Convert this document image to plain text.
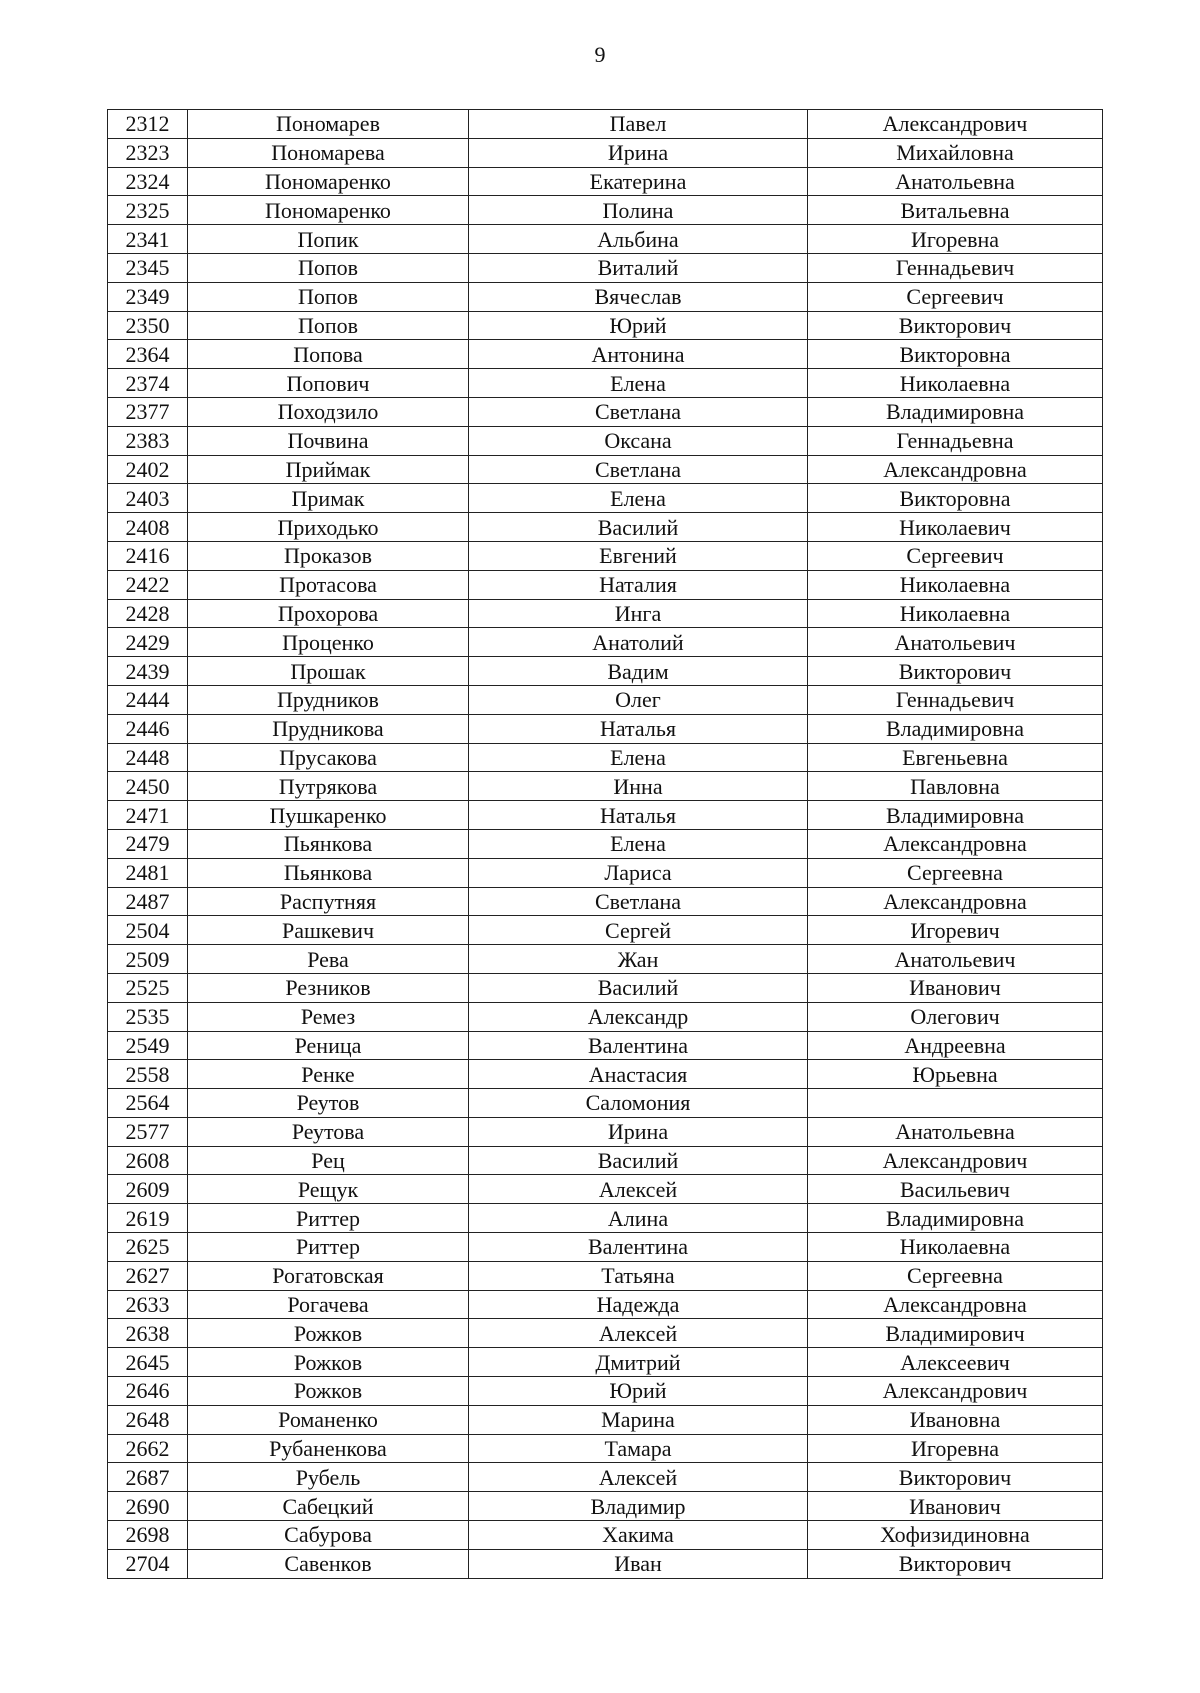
9
2312	Пономарев	Павел	Александрович
2323	Пономарева	Ирина	Михайловна
2324	Пономаренко	Екатерина	Анатольевна
2325	Пономаренко	Полина	Витальевна
2341	Попик	Альбина	Игоревна
2345	Попов	Виталий	Геннадьевич
2349	Попов	Вячеслав	Сергеевич
2350	Попов	Юрий	Викторович
2364	Попова	Антонина	Викторовна
2374	Попович	Елена	Николаевна
2377	Походзило	Светлана	Владимировна
2383	Почвина	Оксана	Геннадьевна
2402	Приймак	Светлана	Александровна
2403	Примак	Елена	Викторовна
2408	Приходько	Василий	Николаевич
2416	Проказов	Евгений	Сергеевич
2422	Протасова	Наталия	Николаевна
2428	Прохорова	Инга	Николаевна
2429	Проценко	Анатолий	Анатольевич
2439	Прошак	Вадим	Викторович
2444	Прудников	Олег	Геннадьевич
2446	Прудникова	Наталья	Владимировна
2448	Прусакова	Елена	Евгеньевна
2450	Путрякова	Инна	Павловна
2471	Пушкаренко	Наталья	Владимировна
2479	Пьянкова	Елена	Александровна
2481	Пьянкова	Лариса	Сергеевна
2487	Распутняя	Светлана	Александровна
2504	Рашкевич	Сергей	Игоревич
2509	Рева	Жан	Анатольевич
2525	Резников	Василий	Иванович
2535	Ремез	Александр	Олегович
2549	Реница	Валентина	Андреевна
2558	Ренке	Анастасия	Юрьевна
2564	Реутов	Саломония	
2577	Реутова	Ирина	Анатольевна
2608	Рец	Василий	Александрович
2609	Рещук	Алексей	Васильевич
2619	Риттер	Алина	Владимировна
2625	Риттер	Валентина	Николаевна
2627	Рогатовская	Татьяна	Сергеевна
2633	Рогачева	Надежда	Александровна
2638	Рожков	Алексей	Владимирович
2645	Рожков	Дмитрий	Алексеевич
2646	Рожков	Юрий	Александрович
2648	Романенко	Марина	Ивановна
2662	Рубаненкова	Тамара	Игоревна
2687	Рубель	Алексей	Викторович
2690	Сабецкий	Владимир	Иванович
2698	Сабурова	Хакима	Хофизидиновна
2704	Савенков	Иван	Викторович
